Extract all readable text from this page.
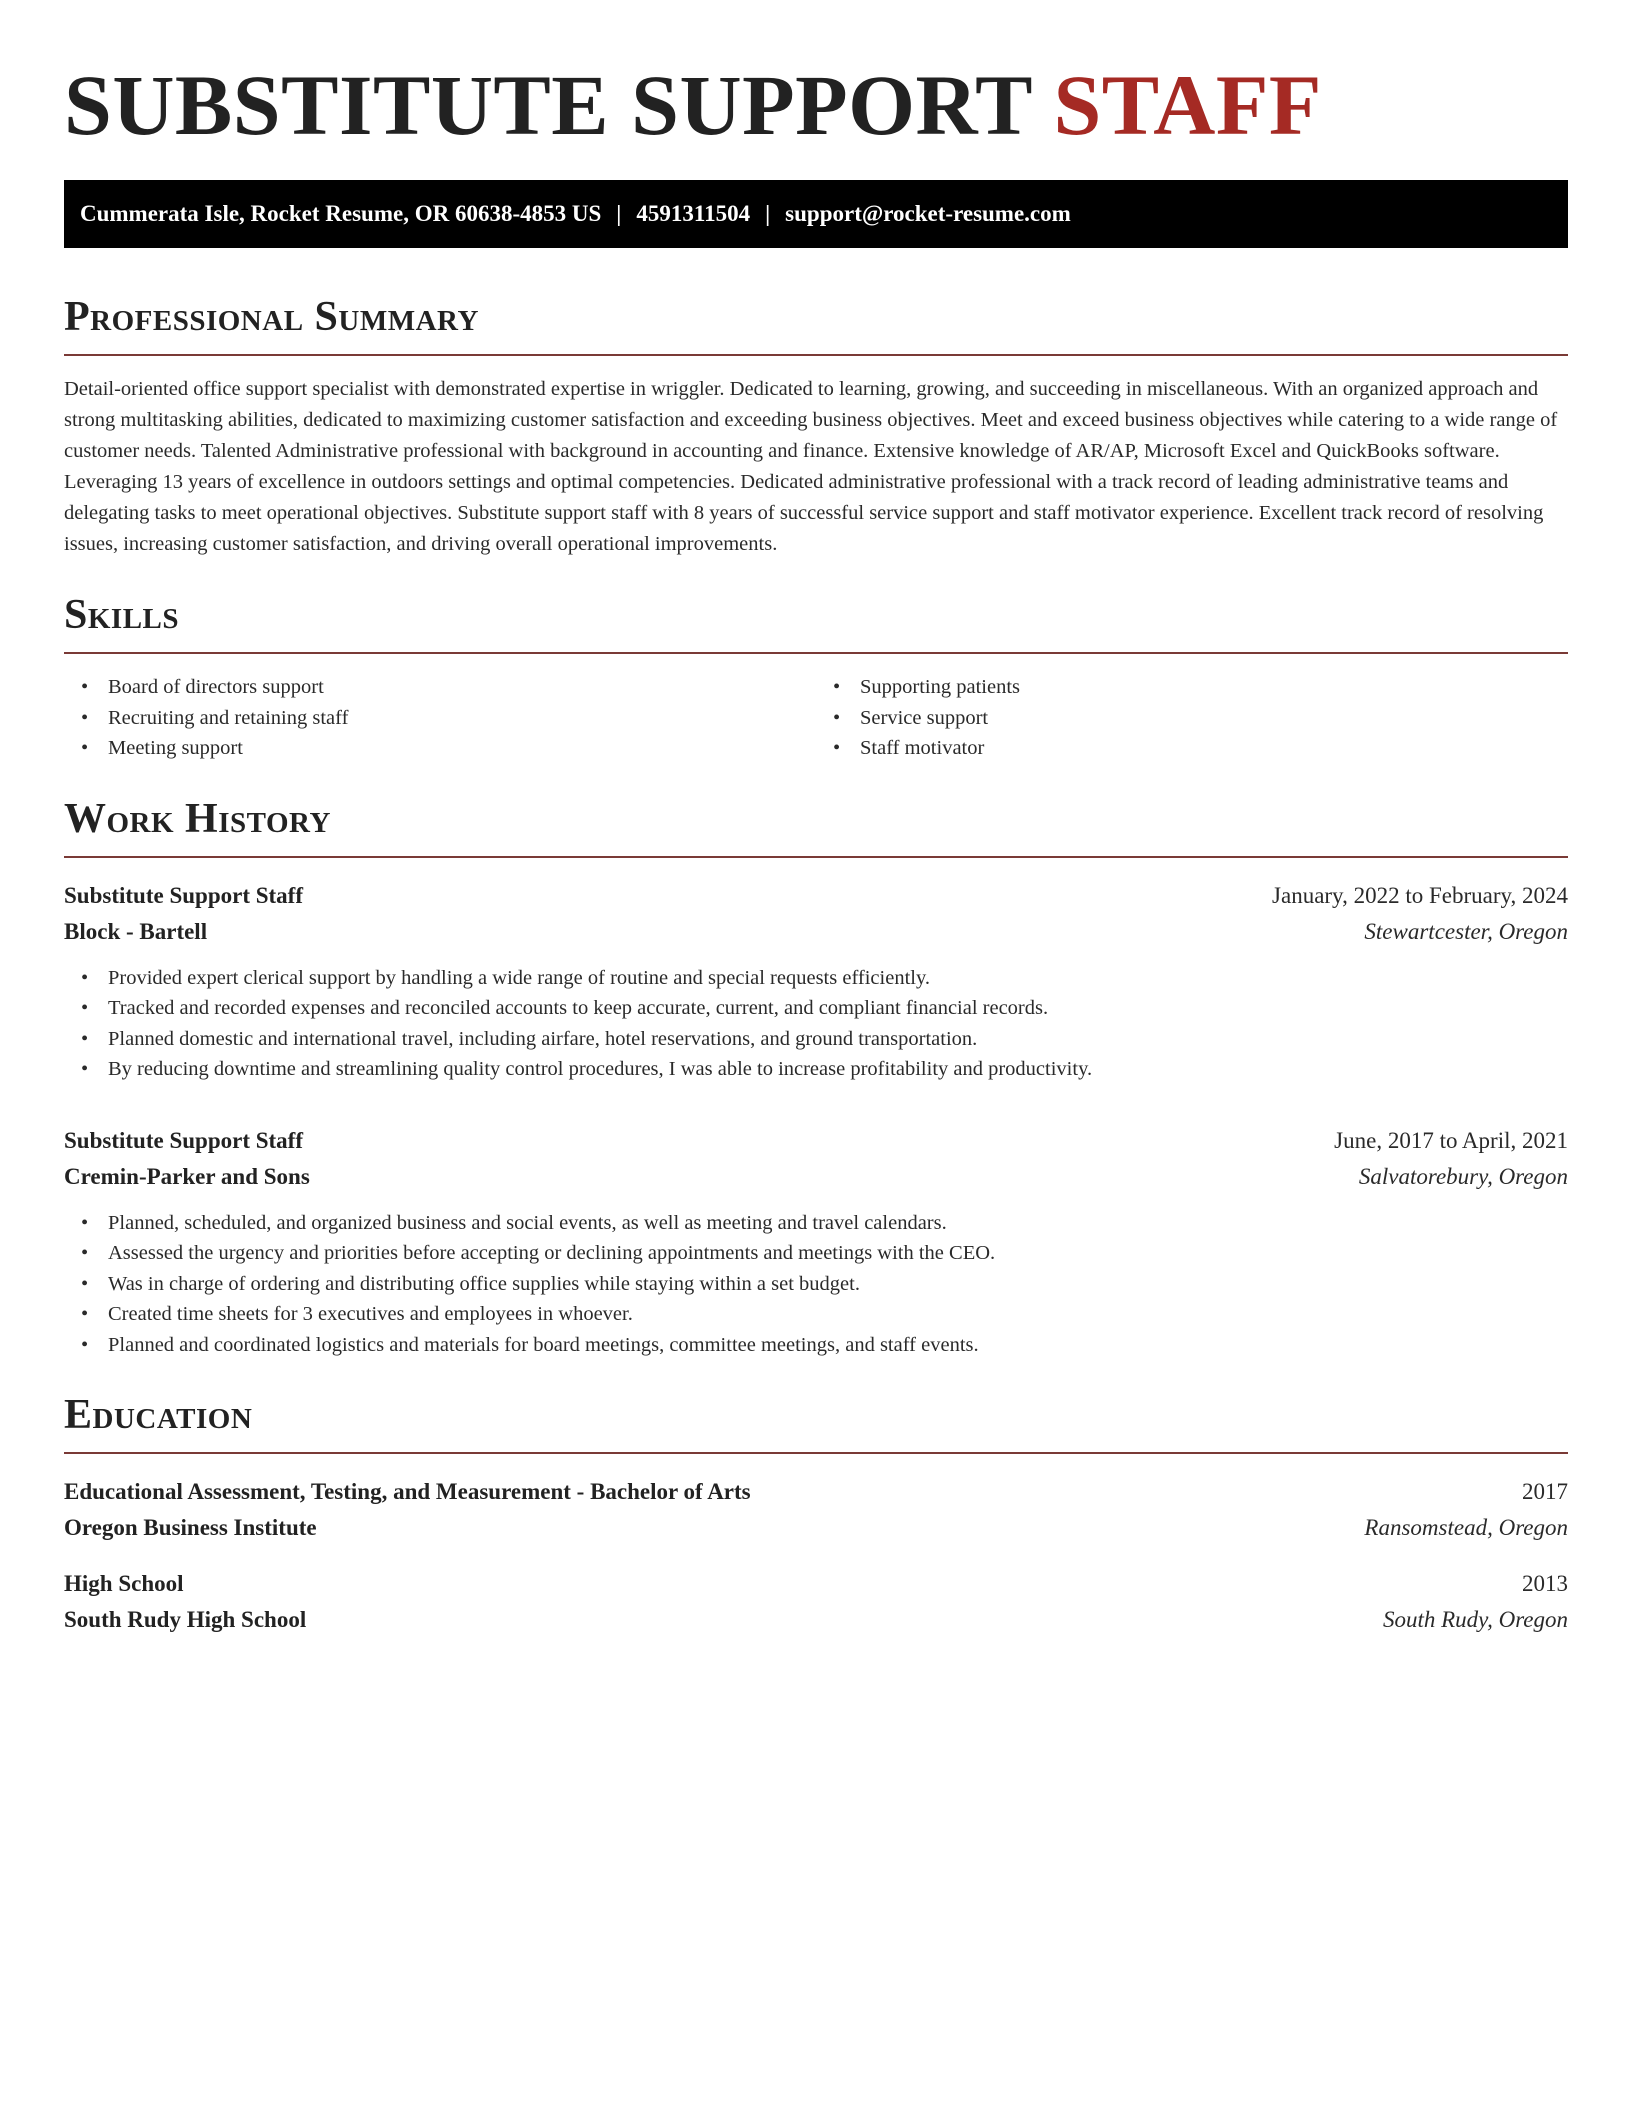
SUBSTITUTE SUPPORT STAFF
Cummerata Isle, Rocket Resume, OR 60638-4853 US | 4591311504 | support@rocket-resume.com
Professional Summary

Detail-oriented office support specialist with demonstrated expertise in wriggler. Dedicated to learning, growing, and succeeding in miscellaneous. With an organized approach and strong multitasking abilities, dedicated to maximizing customer satisfaction and exceeding business objectives. Meet and exceed business objectives while catering to a wide range of customer needs. Talented Administrative professional with background in accounting and finance. Extensive knowledge of AR/AP, Microsoft Excel and QuickBooks software. Leveraging 13 years of excellence in outdoors settings and optimal competencies. Dedicated administrative professional with a track record of leading administrative teams and delegating tasks to meet operational objectives. Substitute support staff with 8 years of successful service support and staff motivator experience. Excellent track record of resolving issues, increasing customer satisfaction, and driving overall operational improvements.

Skills
• Board of directors support
• Recruiting and retaining staff
• Meeting support
• Supporting patients
• Service support
• Staff motivator
Work History
Substitute Support Staff	January, 2022 to February, 2024
Block - Bartell	Stewartcester, Oregon
• Provided expert clerical support by handling a wide range of routine and special requests efficiently.
• Tracked and recorded expenses and reconciled accounts to keep accurate, current, and compliant financial records.
• Planned domestic and international travel, including airfare, hotel reservations, and ground transportation.
• By reducing downtime and streamlining quality control procedures, I was able to increase profitability and productivity.
Substitute Support Staff	June, 2017 to April, 2021
Cremin-Parker and Sons	Salvatorebury, Oregon
• Planned, scheduled, and organized business and social events, as well as meeting and travel calendars.
• Assessed the urgency and priorities before accepting or declining appointments and meetings with the CEO.
• Was in charge of ordering and distributing office supplies while staying within a set budget.
• Created time sheets for 3 executives and employees in whoever.
• Planned and coordinated logistics and materials for board meetings, committee meetings, and staff events.
Education
Educational Assessment, Testing, and Measurement - Bachelor of Arts	2017
Oregon Business Institute	Ransomstead, Oregon
High School	2013
South Rudy High School	South Rudy, Oregon
